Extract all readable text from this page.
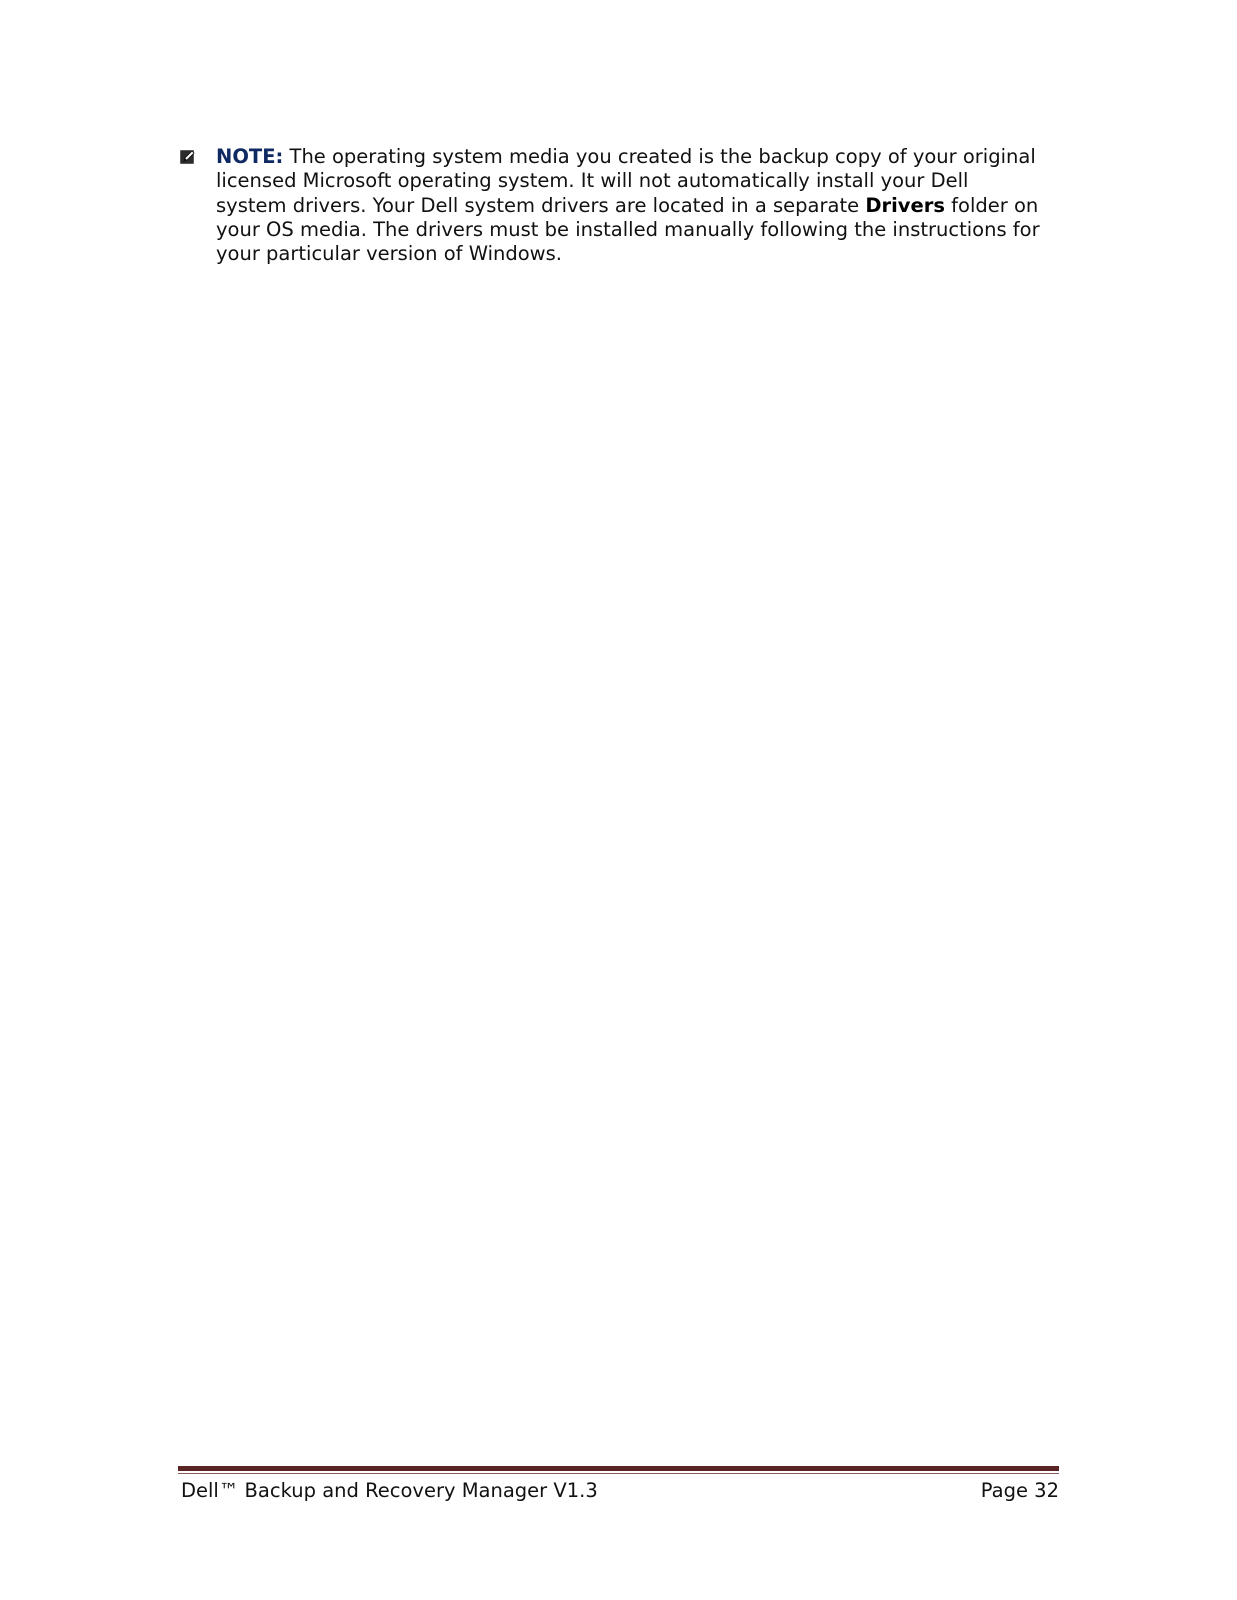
NOTE: The operating system media you created is the backup copy of your original licensed Microsoft operating system. It will not automatically install your Dell system drivers. Your Dell system drivers are located in a separate Drivers folder on your OS media. The drivers must be installed manually following the instructions for your particular version of Windows.
Dell™ Backup and Recovery Manager V1.3	Page 32
